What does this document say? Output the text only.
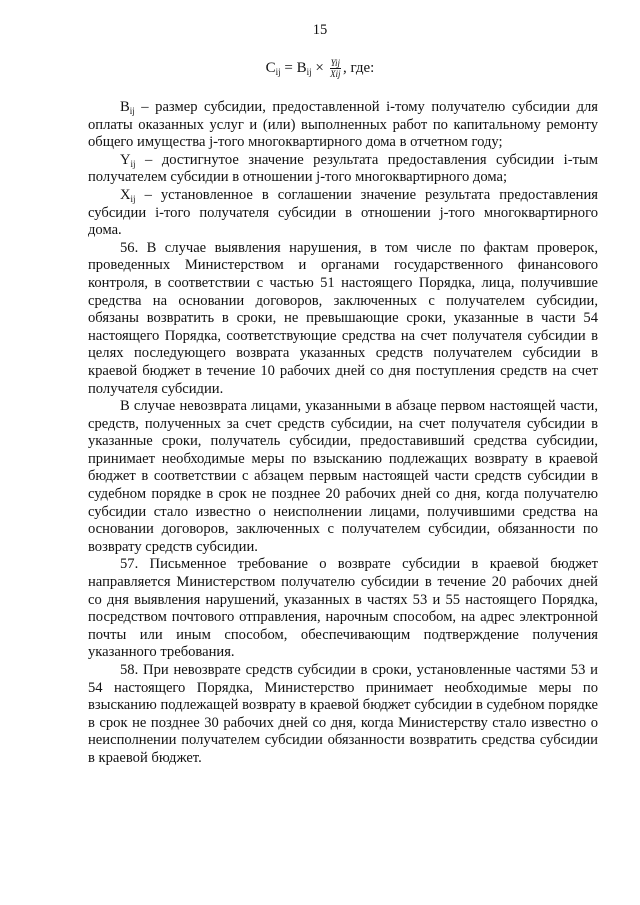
15
$C_{ij} = B_{ij} \times \frac{\text{Yij}}{\text{Xij}}$ , где:

$B_{ij}$ – размер субсидии, предоставленной i-тому получателю субсидии для оплаты оказанных услуг и (или) выполненных работ по капитальному ремонту общего имущества j-того многоквартирного дома в отчетном году;

$Y_{ij}$ – достигнутое значение результата предоставления субсидии i-тым получателем субсидии в отношении j-того многоквартирного дома;

$X_{ij}$ – установленное в соглашении значение результата предоставления субсидии i-того получателя субсидии в отношении j-того многоквартирного дома.

56. В случае выявления нарушения, в том числе по фактам проверок, проведенных Министерством и органами государственного финансового контроля, в соответствии с частью 51 настоящего Порядка, лица, получившие средства на основании договоров, заключенных с получателем субсидии, обязаны возвратить в сроки, не превышающие сроки, указанные в части 54 настоящего Порядка, соответствующие средства на счет получателя субсидии в целях последующего возврата указанных средств получателем субсидии в краевой бюджет в течение 10 рабочих дней со дня поступления средств на счет получателя субсидии.

В случае невозврата лицами, указанными в абзаце первом настоящей части, средств, полученных за счет средств субсидии, на счет получателя субсидии в указанные сроки, получатель субсидии, предоставивший средства субсидии, принимает необходимые меры по взысканию подлежащих возврату в краевой бюджет в соответствии с абзацем первым настоящей части средств субсидии в судебном порядке в срок не позднее 20 рабочих дней со дня, когда получателю субсидии стало известно о неисполнении лицами, получившими средства на основании договоров, заключенных с получателем субсидии, обязанности по возврату средств субсидии.

57. Письменное требование о возврате субсидии в краевой бюджет направляется Министерством получателю субсидии в течение 20 рабочих дней со дня выявления нарушений, указанных в частях 53 и 55 настоящего Порядка, посредством почтового отправления, нарочным способом, на адрес электронной почты или иным способом, обеспечивающим подтверждение получения указанного требования.

58. При невозврате средств субсидии в сроки, установленные частями 53 и 54 настоящего Порядка, Министерство принимает необходимые меры по взысканию подлежащей возврату в краевой бюджет субсидии в судебном порядке в срок не позднее 30 рабочих дней со дня, когда Министерству стало известно о неисполнении получателем субсидии обязанности возвратить средства субсидии в краевой бюджет.
